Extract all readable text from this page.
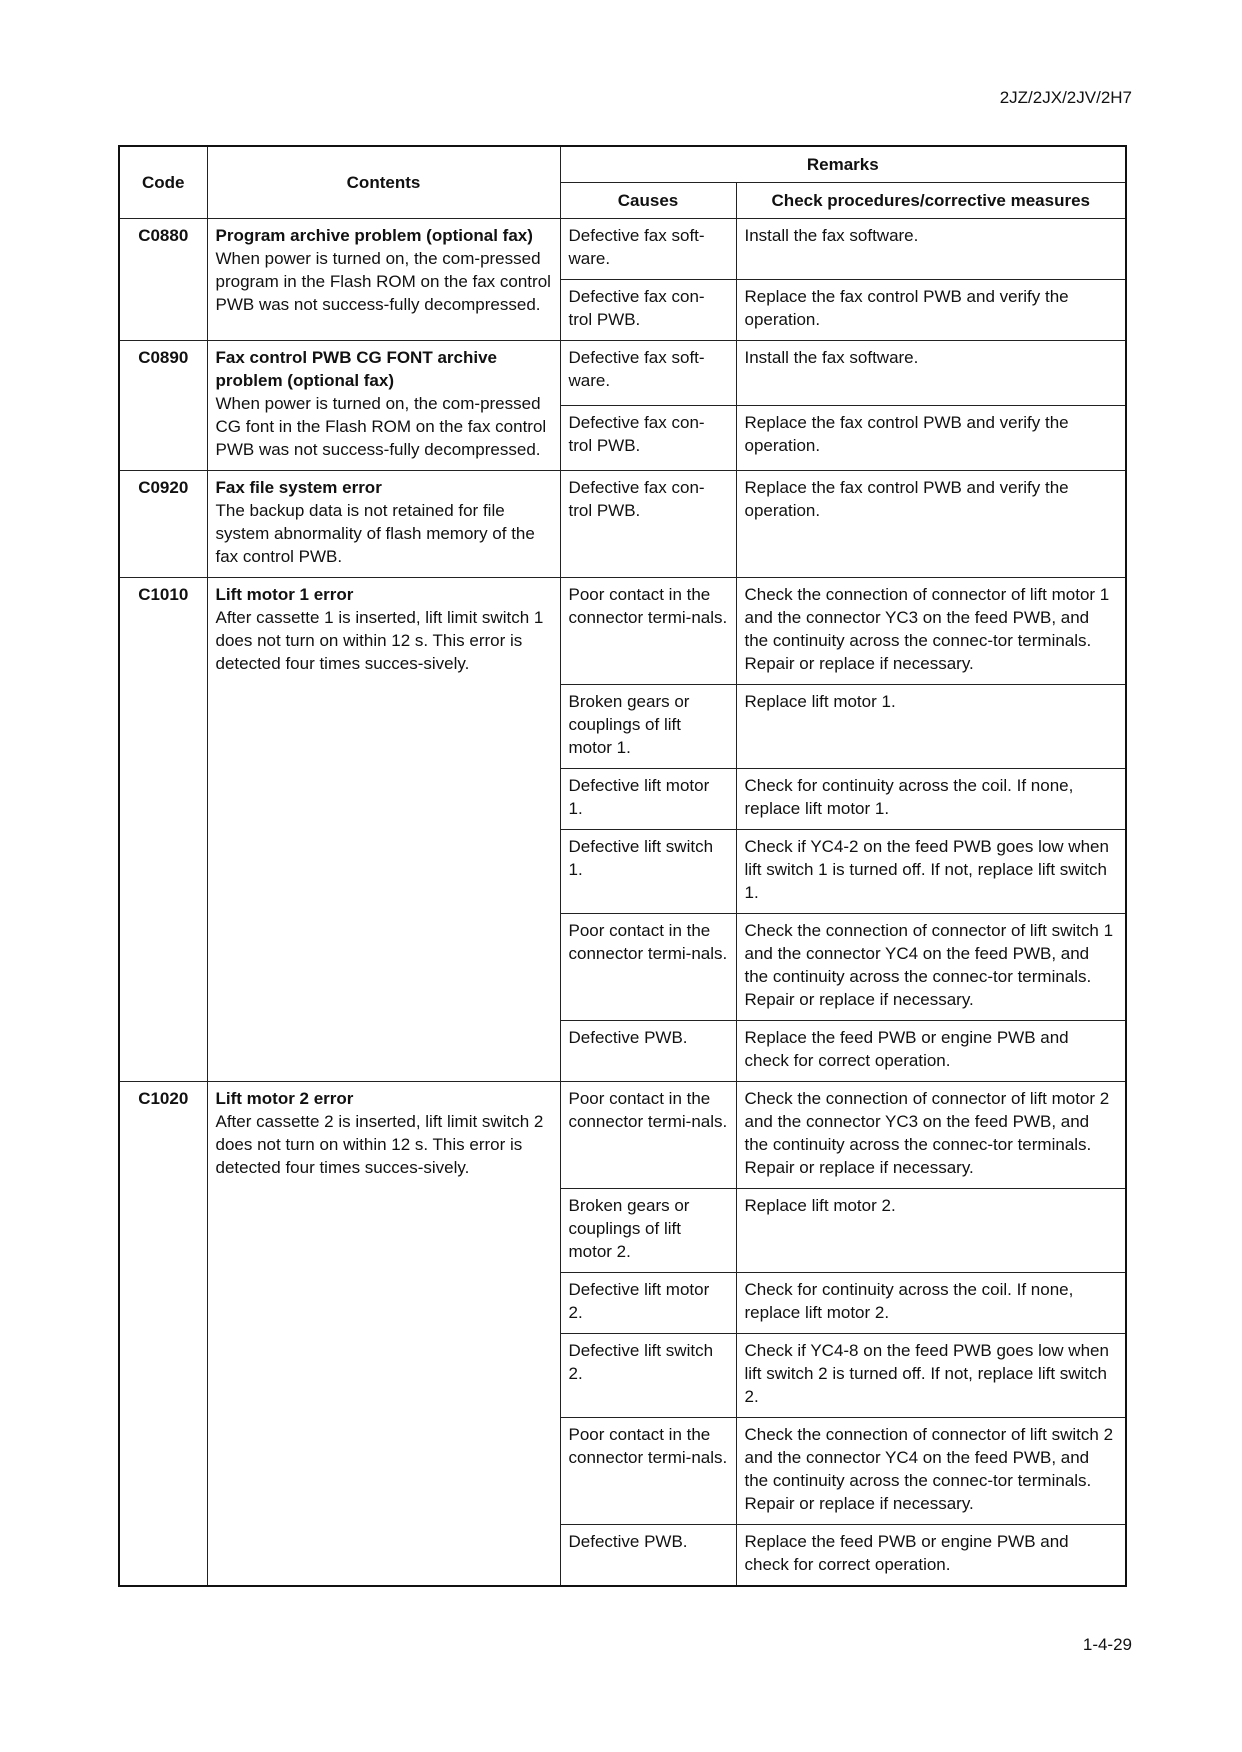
2JZ/2JX/2JV/2H7
Code	Contents	Remarks	
		Causes	Check procedures/corrective measures
C0880	Program archive problem (optional fax)
When power is turned on, the com-pressed program in the Flash ROM on the fax control PWB was not success-fully decompressed.	Defective fax soft-ware.	Install the fax software.
		Defective fax con-trol PWB.	Replace the fax control PWB and verify the operation.
C0890	Fax control PWB CG FONT archive problem (optional fax)
When power is turned on, the com-pressed CG font in the Flash ROM on the fax control PWB was not success-fully decompressed.	Defective fax soft-ware.	Install the fax software.
		Defective fax con-trol PWB.	Replace the fax control PWB and verify the operation.
C0920	Fax file system error
The backup data is not retained for file system abnormality of flash memory of the fax control PWB.	Defective fax con-trol PWB.	Replace the fax control PWB and verify the operation.
C1010	Lift motor 1 error
After cassette 1 is inserted, lift limit switch 1 does not turn on within 12 s. This error is detected four times succes-sively.	Poor contact in the connector termi-nals.	Check the connection of connector of lift motor 1 and the connector YC3 on the feed PWB, and the continuity across the connec-tor terminals. Repair or replace if necessary.
		Broken gears or couplings of lift motor 1.	Replace lift motor 1.
		Defective lift motor 1.	Check for continuity across the coil. If none, replace lift motor 1.
		Defective lift switch 1.	Check if YC4-2 on the feed PWB goes low when lift switch 1 is turned off. If not, replace lift switch 1.
		Poor contact in the connector termi-nals.	Check the connection of connector of lift switch 1 and the connector YC4 on the feed PWB, and the continuity across the connec-tor terminals. Repair or replace if necessary.
		Defective PWB.	Replace the feed PWB or engine PWB and check for correct operation.
C1020	Lift motor 2 error
After cassette 2 is inserted, lift limit switch 2 does not turn on within 12 s. This error is detected four times succes-sively.	Poor contact in the connector termi-nals.	Check the connection of connector of lift motor 2 and the connector YC3 on the feed PWB, and the continuity across the connec-tor terminals. Repair or replace if necessary.
		Broken gears or couplings of lift motor 2.	Replace lift motor 2.
		Defective lift motor 2.	Check for continuity across the coil. If none, replace lift motor 2.
		Defective lift switch 2.	Check if YC4-8 on the feed PWB goes low when lift switch 2 is turned off. If not, replace lift switch 2.
		Poor contact in the connector termi-nals.	Check the connection of connector of lift switch 2 and the connector YC4 on the feed PWB, and the continuity across the connec-tor terminals. Repair or replace if necessary.
		Defective PWB.	Replace the feed PWB or engine PWB and check for correct operation.
1-4-29
